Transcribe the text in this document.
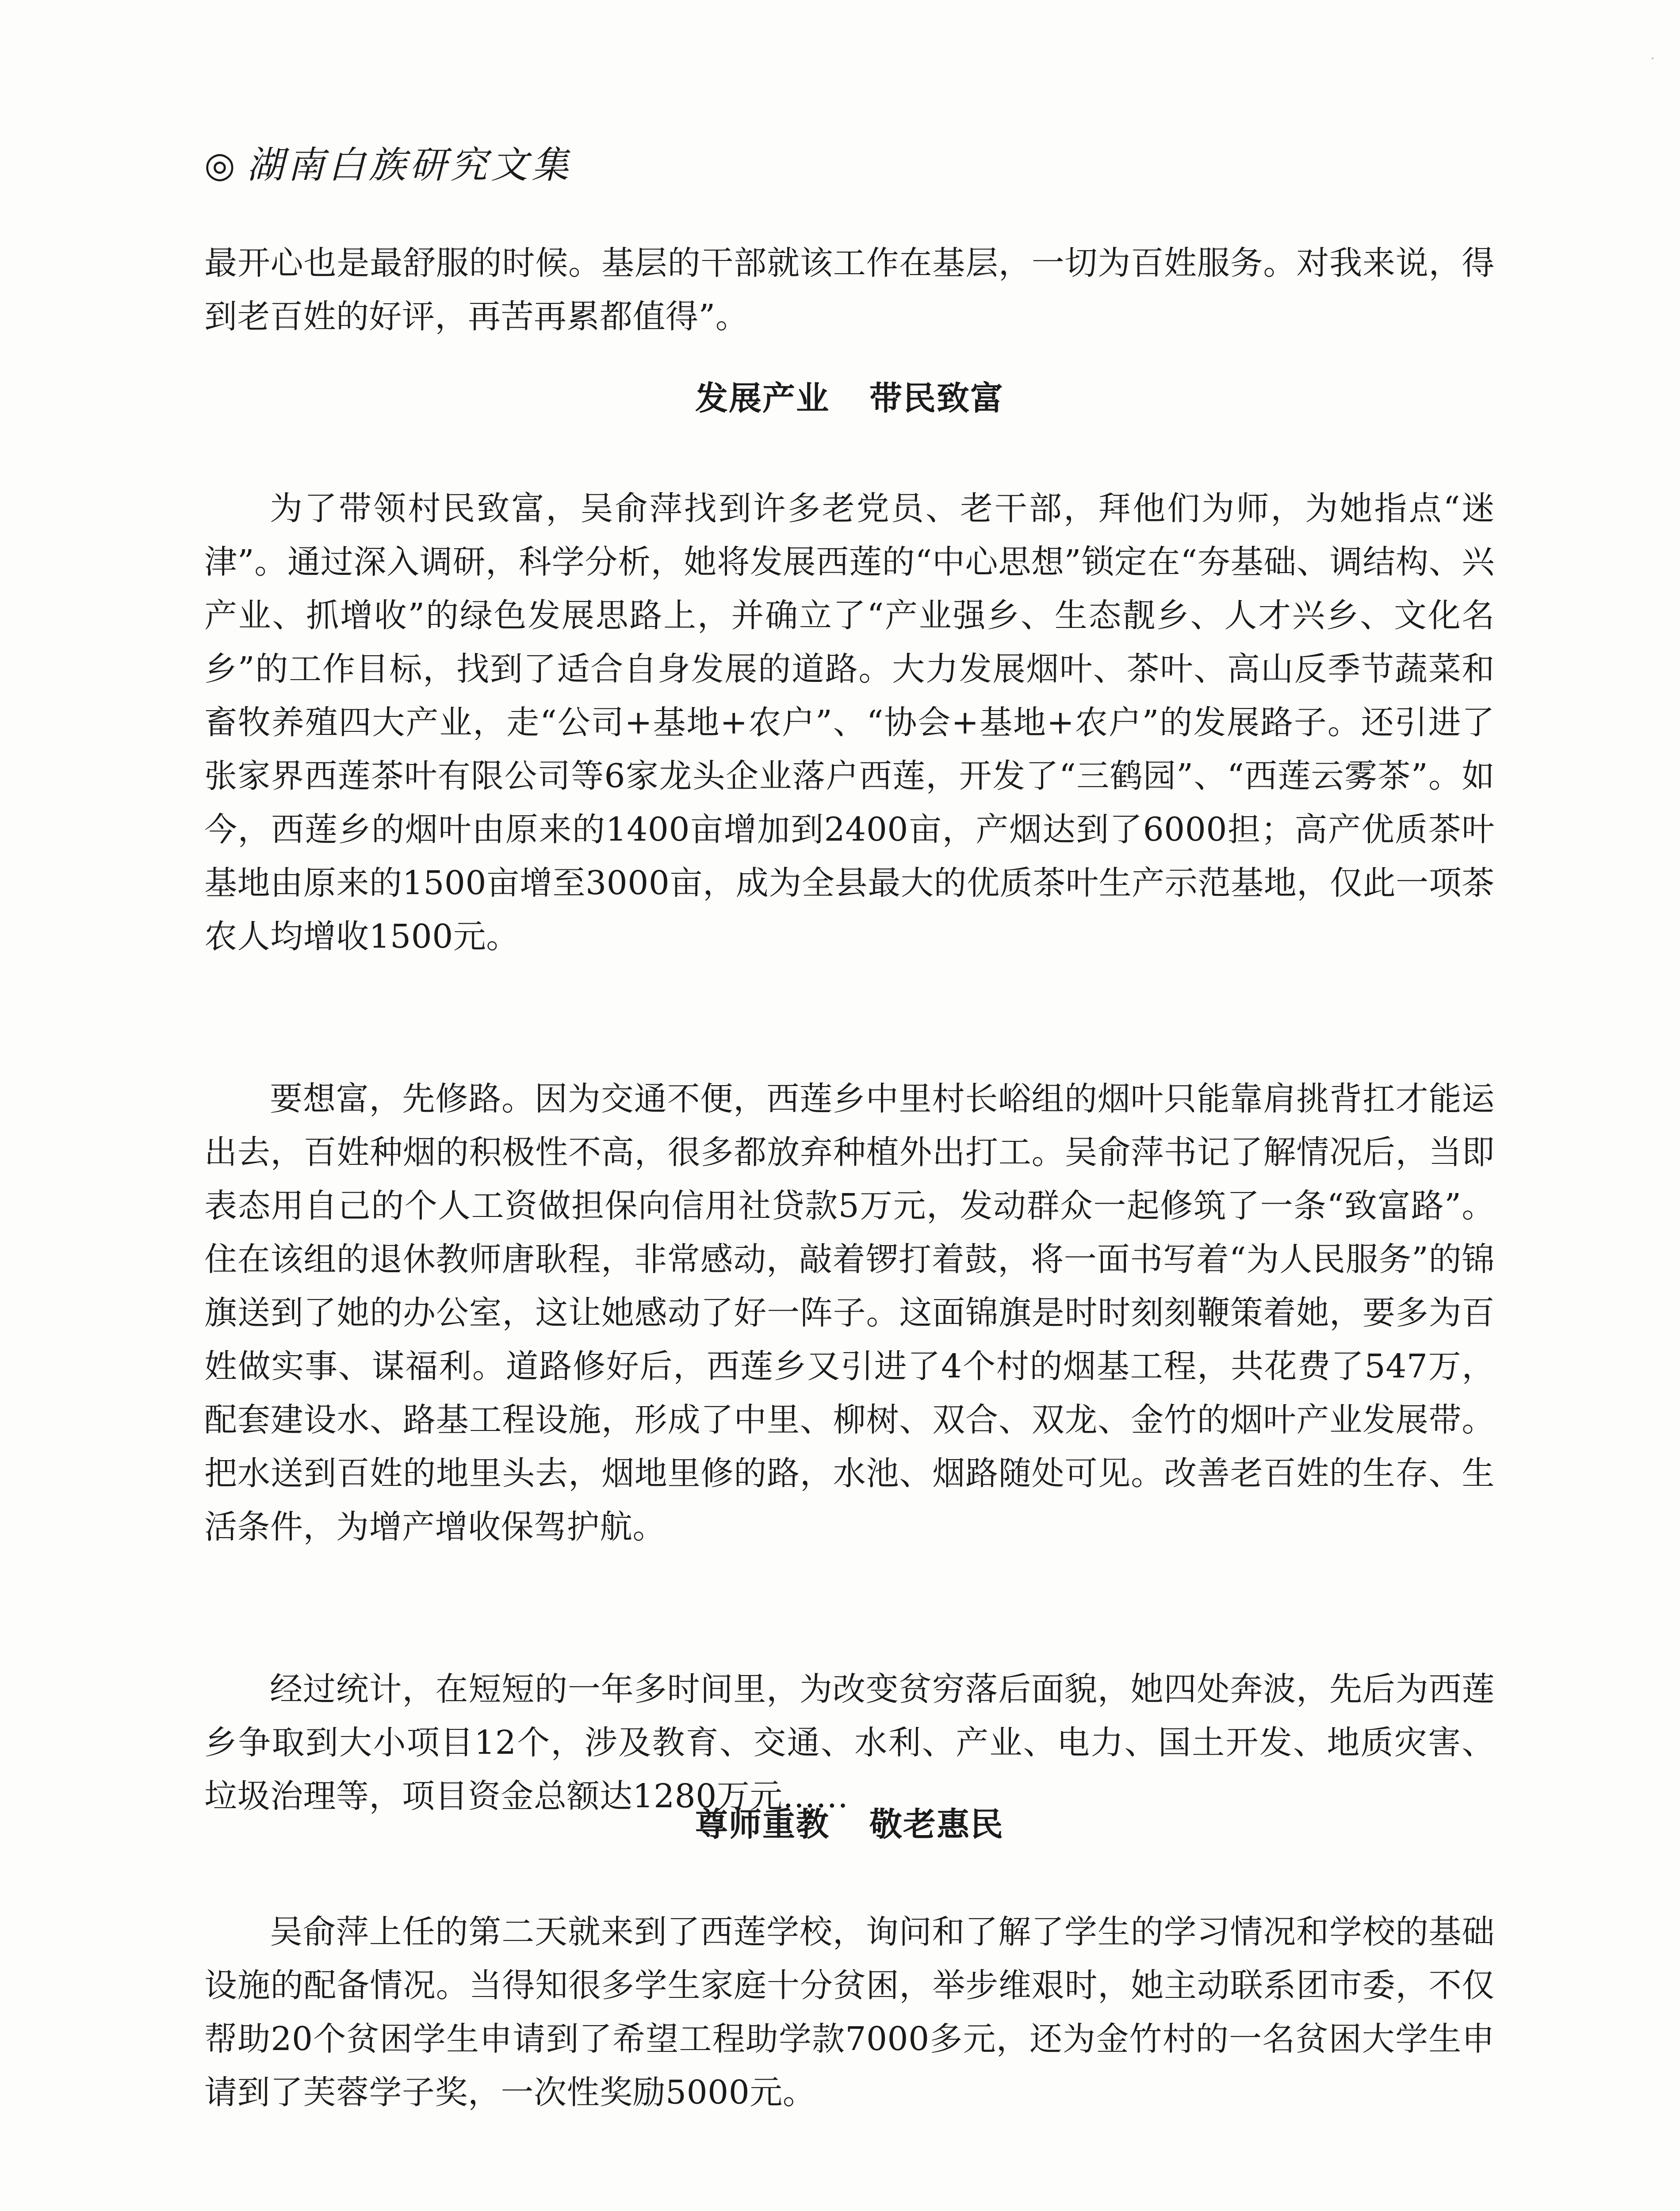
◎ 湖南白族研究文集

最开心也是最舒服的时候。基层的干部就该工作在基层，一切为百姓服务。对我来说，得到老百姓的好评，再苦再累都值得”。

发展产业 带民致富

为了带领村民致富，吴俞萍找到许多老党员、老干部，拜他们为师，为她指点“迷津”。通过深入调研，科学分析，她将发展西莲的“中心思想”锁定在“夯基础、调结构、兴产业、抓增收”的绿色发展思路上，并确立了“产业强乡、生态靓乡、人才兴乡、文化名乡”的工作目标，找到了适合自身发展的道路。大力发展烟叶、茶叶、高山反季节蔬菜和畜牧养殖四大产业，走“公司+基地+农户”、“协会+基地+农户”的发展路子。还引进了张家界西莲茶叶有限公司等6家龙头企业落户西莲，开发了“三鹤园”、“西莲云雾茶”。如今，西莲乡的烟叶由原来的1400亩增加到2400亩，产烟达到了6000担；高产优质茶叶基地由原来的1500亩增至3000亩，成为全县最大的优质茶叶生产示范基地，仅此一项茶农人均增收1500元。

要想富，先修路。因为交通不便，西莲乡中里村长峪组的烟叶只能靠肩挑背扛才能运出去，百姓种烟的积极性不高，很多都放弃种植外出打工。吴俞萍书记了解情况后，当即表态用自己的个人工资做担保向信用社贷款5万元，发动群众一起修筑了一条“致富路”。住在该组的退休教师唐耿程，非常感动，敲着锣打着鼓，将一面书写着“为人民服务”的锦旗送到了她的办公室，这让她感动了好一阵子。这面锦旗是时时刻刻鞭策着她，要多为百姓做实事、谋福利。道路修好后，西莲乡又引进了4个村的烟基工程，共花费了547万，配套建设水、路基工程设施，形成了中里、柳树、双合、双龙、金竹的烟叶产业发展带。把水送到百姓的地里头去，烟地里修的路，水池、烟路随处可见。改善老百姓的生存、生活条件，为增产增收保驾护航。

经过统计，在短短的一年多时间里，为改变贫穷落后面貌，她四处奔波，先后为西莲乡争取到大小项目12个，涉及教育、交通、水利、产业、电力、国土开发、地质灾害、垃圾治理等，项目资金总额达1280万元……

尊师重教 敬老惠民

吴俞萍上任的第二天就来到了西莲学校，询问和了解了学生的学习情况和学校的基础设施的配备情况。当得知很多学生家庭十分贫困，举步维艰时，她主动联系团市委，不仅帮助20个贫困学生申请到了希望工程助学款7000多元，还为金竹村的一名贫困大学生申请到了芙蓉学子奖，一次性奖励5000元。
